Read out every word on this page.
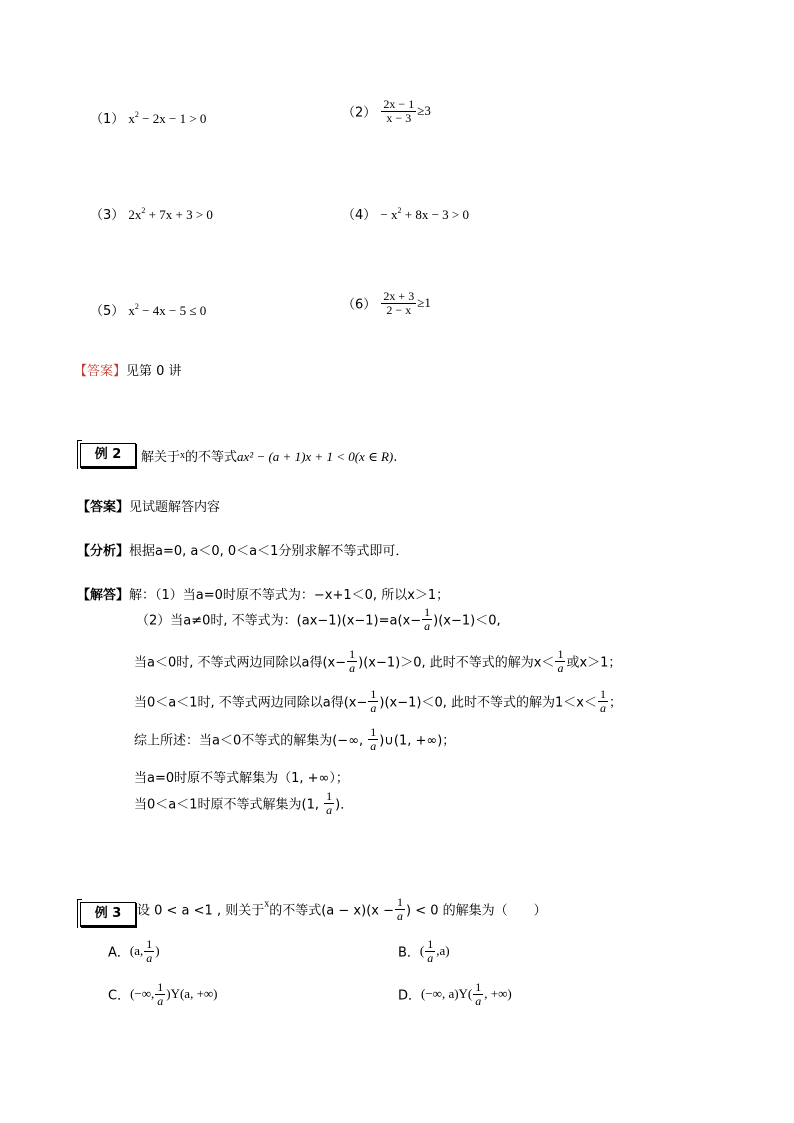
（1） $x^2 - 2x - 1 > 0$	$(2) \frac{2x - 1}{x - 3} \ge 3$
（3） $2x^2 + 7x + 3 > 0$	$(4) - x^2 + 8x - 3 > 0$
（5） $x^2 - 4x - 5 \le 0$	$(6) \frac{2x + 3}{2 - x} \ge 1$
【答案】见第 0 讲
例 2	解关于$^x$的不等式ax² − (a + 1)x + 1 < 0(x ∈ R).
【答案】见试题解答内容
【分析】根据a=0, a＜0, 0＜a＜1分别求解不等式即可．
【解答】解：（1）当a=0时原不等式为：−x+1＜0, 所以x＞1；
（2）当a≠0时, 不等式为：$(ax-1)(x-1)=a(x- \frac{1}{a} )(x-1)<0$,
当a＜0时, 不等式两边同除以a得$(x- \frac{1}{a} )(x-1)>0$, 此时不等式的解为$x< \frac{1}{a}$ 或x＞1；
当0＜a＜1时, 不等式两边同除以a得$(x- \frac{1}{a} )(x-1)<0$, 此时不等式的解为$1<x< \frac{1}{a}$ ；
综上所述：当a＜0不等式的解集为(−∞, $\frac{1}{a}$ )∪(1, +∞)；
当a=0时原不等式解集为（1, +∞）；
当0＜a＜1时原不等式解集为(1, $\frac{1}{a}$ )．
例 3	设 0 < a <1 , 则关于$^x$的不等式$(a - x)(x - \frac{1}{a}$ ) < 0 的解集为（　　）
A．(a, $\frac{1}{a}$ )	B．( $\frac{1}{a} ,a$)
C．(−∞, $\frac{1}{a} )Y(a$, +∞)	D．(−∞, $a)Y( \frac{1}{a}$ , +∞)
